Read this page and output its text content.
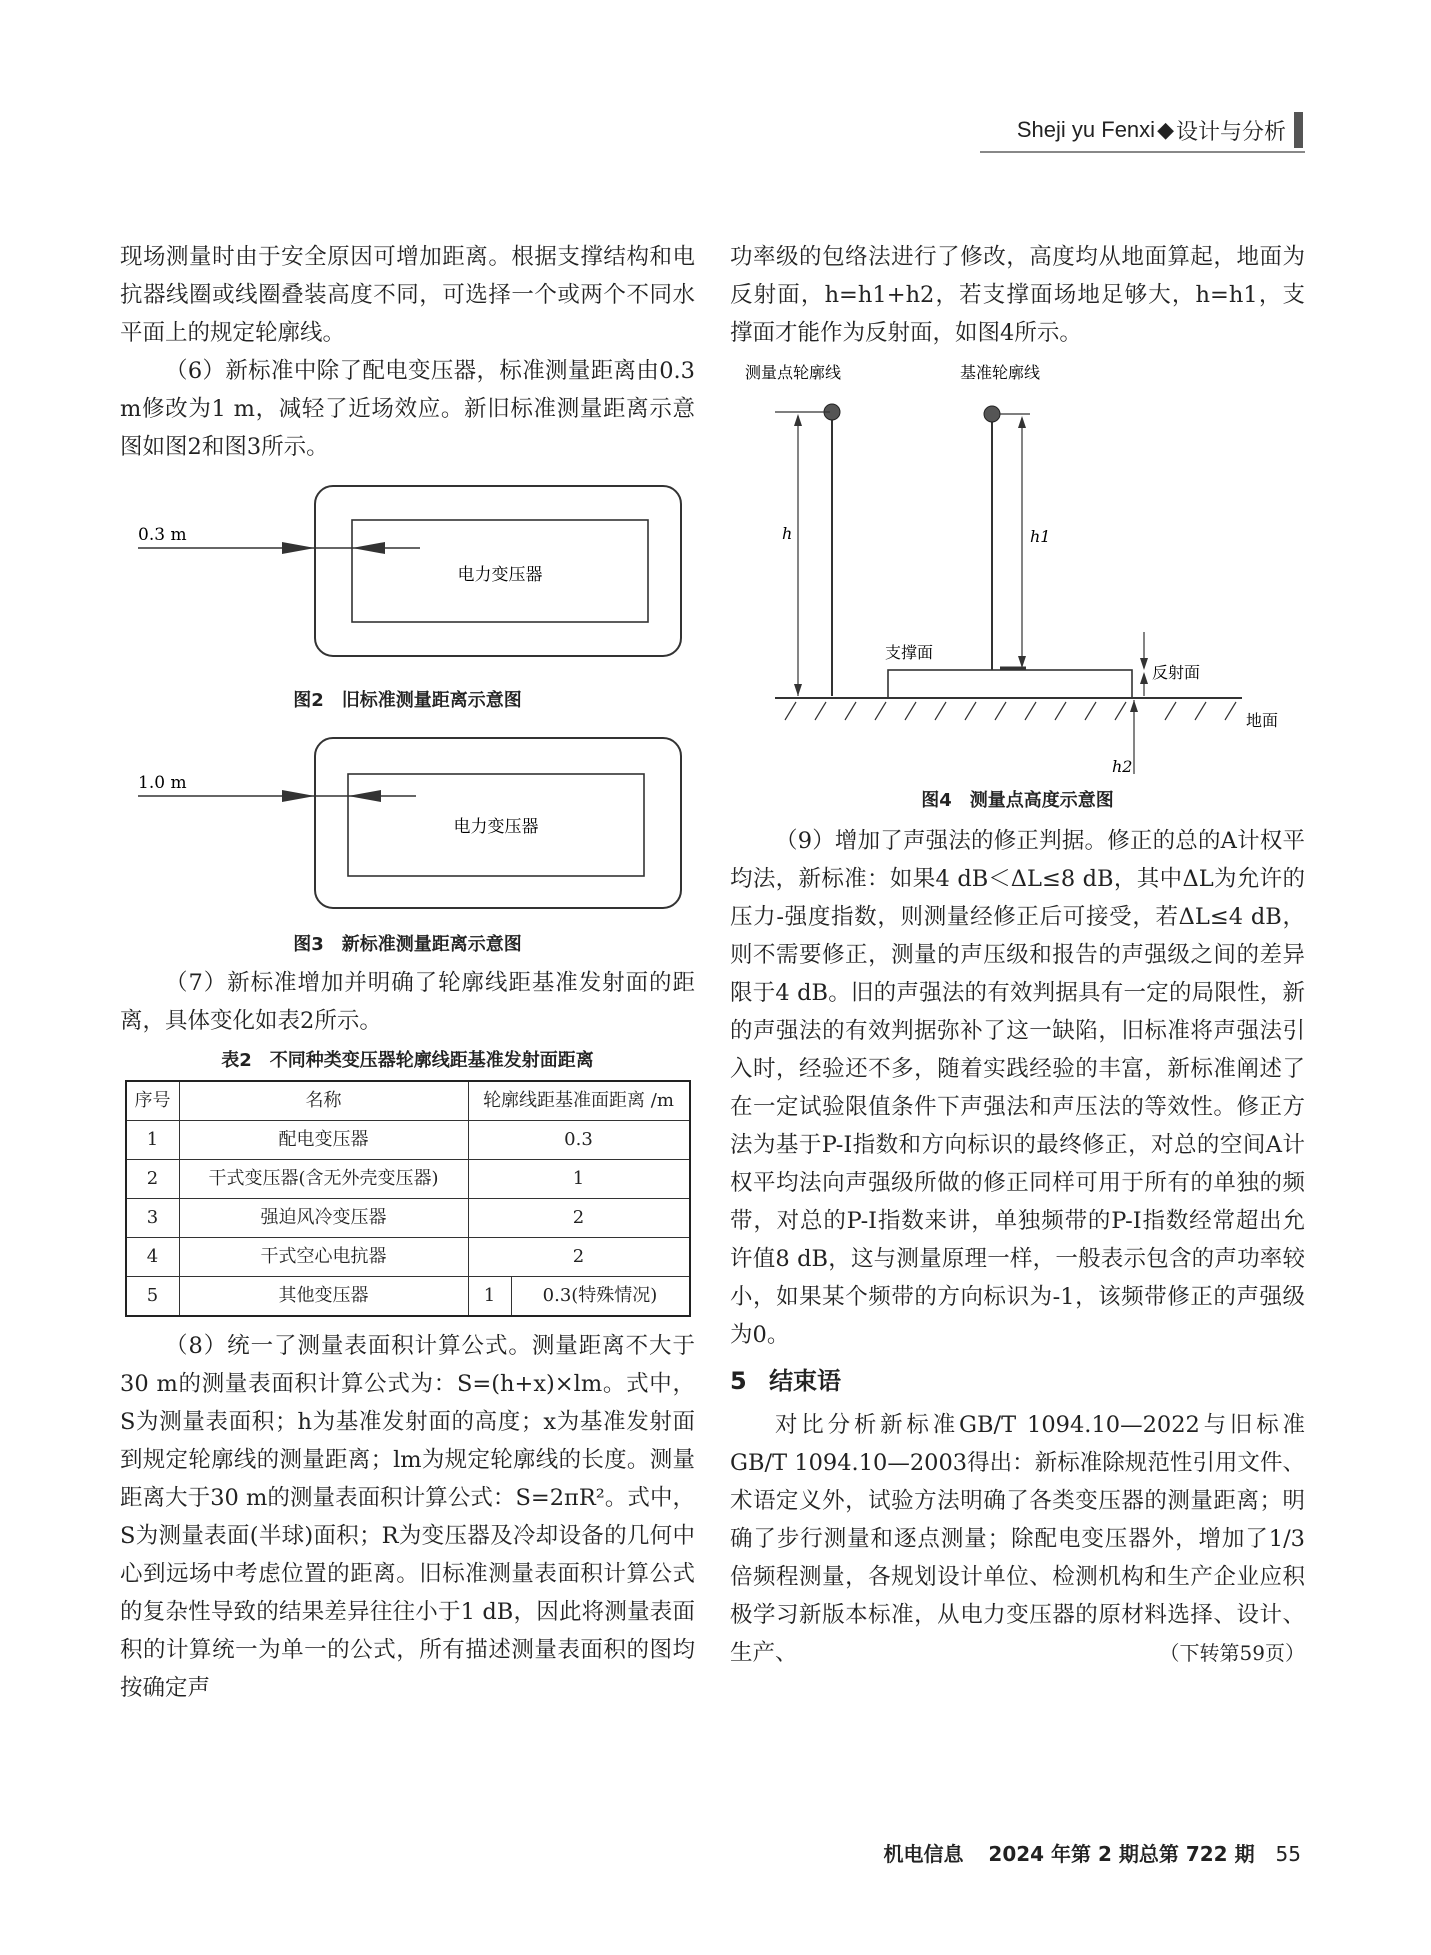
Sheji yu Fenxi ◆ 设计与分析

现场测量时由于安全原因可增加距离。根据支撑结构和电抗器线圈或线圈叠装高度不同，可选择一个或两个不同水平面上的规定轮廓线。

（6）新标准中除了配电变压器，标准测量距离由0.3 m修改为1 m，减轻了近场效应。新旧标准测量距离示意图如图2和图3所示。

0.3 m
电力变压器
图2　旧标准测量距离示意图
1.0 m
电力变压器
图3　新标准测量距离示意图

（7）新标准增加并明确了轮廓线距基准发射面的距离，具体变化如表2所示。

表2　不同种类变压器轮廓线距基准发射面距离
序号	名称	轮廓线距基准面距离 /m	
1	配电变压器	0.3	
2	干式变压器(含无外壳变压器)	1	
3	强迫风冷变压器	2	
4	干式空心电抗器	2	
5	其他变压器	1	0.3(特殊情况)

（8）统一了测量表面积计算公式。测量距离不大于30 m的测量表面积计算公式为：S=(h+x)×lm。式中，S为测量表面积；h为基准发射面的高度；x为基准发射面到规定轮廓线的测量距离；lm为规定轮廓线的长度。测量距离大于30 m的测量表面积计算公式：S=2πR²。式中，S为测量表面(半球)面积；R为变压器及冷却设备的几何中心到远场中考虑位置的距离。旧标准测量表面积计算公式的复杂性导致的结果差异往往小于1 dB，因此将测量表面积的计算统一为单一的公式，所有描述测量表面积的图均按确定声

功率级的包络法进行了修改，高度均从地面算起，地面为反射面，h=h1+h2，若支撑面场地足够大，h=h1，支撑面才能作为反射面，如图4所示。

测量点轮廓线	基准轮廓线
h	h1
支撑面
反射面
地面
h2
图4　测量点高度示意图

（9）增加了声强法的修正判据。修正的总的A计权平均法，新标准：如果4 dB＜ΔL≤8 dB，其中ΔL为允许的压力-强度指数，则测量经修正后可接受，若ΔL≤4 dB，则不需要修正，测量的声压级和报告的声强级之间的差异限于4 dB。旧的声强法的有效判据具有一定的局限性，新的声强法的有效判据弥补了这一缺陷，旧标准将声强法引入时，经验还不多，随着实践经验的丰富，新标准阐述了在一定试验限值条件下声强法和声压法的等效性。修正方法为基于P-I指数和方向标识的最终修正，对总的空间A计权平均法向声强级所做的修正同样可用于所有的单独的频带，对总的P-I指数来讲，单独频带的P-I指数经常超出允许值8 dB，这与测量原理一样，一般表示包含的声功率较小，如果某个频带的方向标识为-1，该频带修正的声强级为0。

5 结束语

对比分析新标准GB/T 1094.10—2022与旧标准GB/T 1094.10—2003得出：新标准除规范性引用文件、术语定义外，试验方法明确了各类变压器的测量距离；明确了步行测量和逐点测量；除配电变压器外，增加了1/3倍频程测量，各规划设计单位、检测机构和生产企业应积极学习新版本标准，从电力变压器的原材料选择、设计、生产、	（下转第59页）

机电信息 2024 年第 2 期总第 722 期 55
